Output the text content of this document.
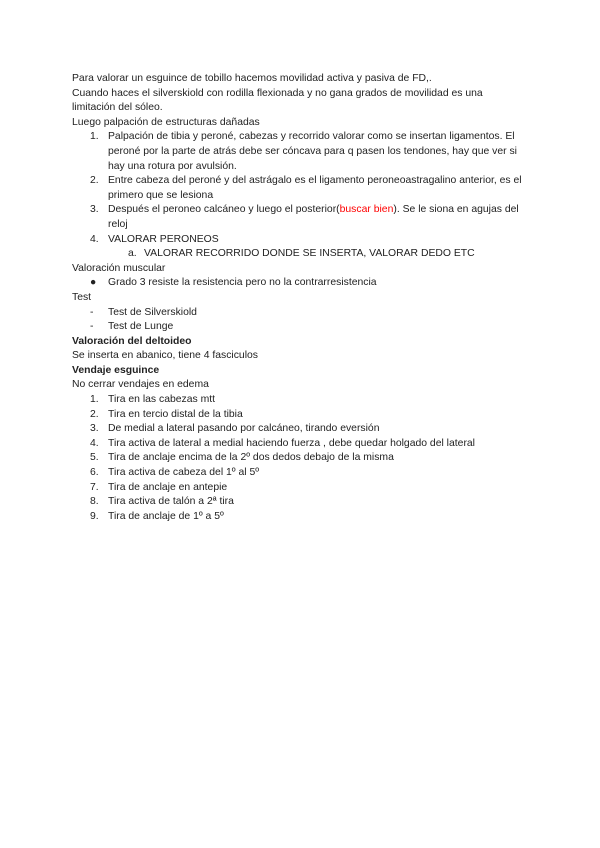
Para valorar un esguince de tobillo hacemos movilidad activa y pasiva de FD,.

Cuando haces el silverskiold con rodilla flexionada y no gana grados de movilidad es una limitación del sóleo.

Luego palpación de estructuras dañadas

1. Palpación de tibia y peroné, cabezas y recorrido valorar como se insertan ligamentos. El peroné por la parte de atrás debe ser cóncava para q pasen los tendones, hay que ver si hay una rotura por avulsión.
2. Entre cabeza del peroné y del astrágalo es el ligamento peroneoastragalino anterior, es el primero que se lesiona
3. Después el peroneo calcáneo y luego el posterior(buscar bien). Se le siona en agujas del reloj
4. VALORAR PERONEOS
a. VALORAR RECORRIDO DONDE SE INSERTA, VALORAR DEDO ETC

Valoración muscular

● Grado 3 resiste la resistencia pero no la contrarresistencia

Test

- Test de Silverskiold
- Test de Lunge

Valoración del deltoideo

Se inserta en abanico, tiene 4 fasciculos

Vendaje esguince

No cerrar vendajes en edema

1. Tira en las cabezas mtt
2. Tira en tercio distal de la tibia
3. De medial a lateral pasando por calcáneo, tirando eversión
4. Tira activa de lateral a medial haciendo fuerza , debe quedar holgado del lateral
5. Tira de anclaje encima de la 2º dos dedos debajo de la misma
6. Tira activa de cabeza del 1º al 5º
7. Tira de anclaje en antepie
8. Tira activa de talón a 2ª tira
9. Tira de anclaje de 1º a 5º
